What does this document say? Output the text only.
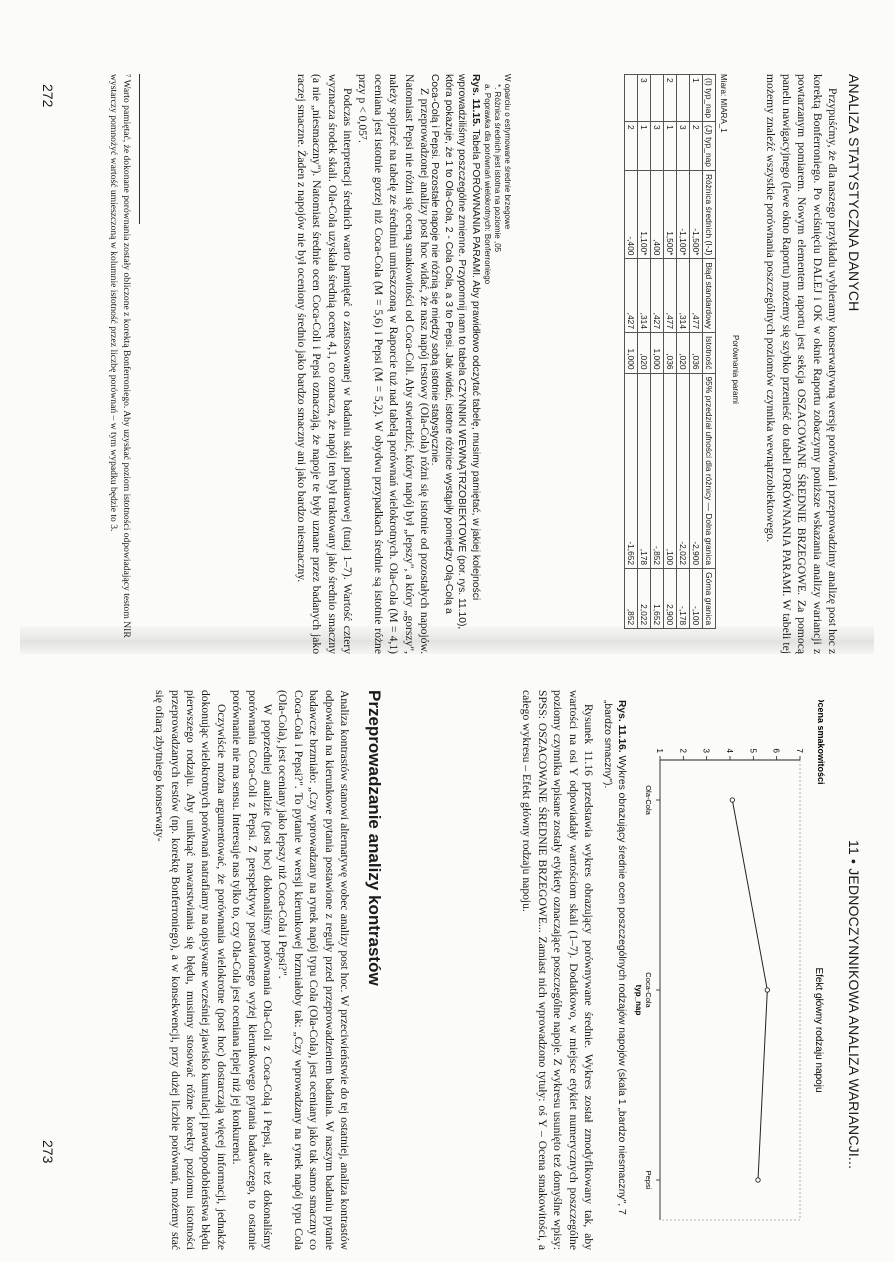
272	ANALIZA STATYSTYCZNA DANYCH

Przypuśćmy, że dla naszego przykładu wybieramy konserwatywną wersję porównań i przeprowadzimy analizę post hoc z korektą Bonferroniego. Po wciśnięciu DALEJ i OK w oknie Raportu zobaczymy poniższe wskazania analizy wariancji z powtarzanym pomiarem. Nowym elementem raportu jest sekcja OSZACOWANE ŚREDNIE BRZEGOWE. Za pomocą panelu nawigacyjnego (lewe okno Raportu) możemy się szybko przenieść do tabeli PORÓWNANIA PARAMI. W tabeli tej możemy znaleźć wszystkie porównania poszczególnych poziomów czynnika wewnątrzobiektowego.

Porównania parami
Miara: MIARA_1
(I) typ_nap	(J) typ_nap	Różnica średnich (I-J)	Błąd standardowy	Istotność	95% przedział ufności dla różnicy — Dolna granica	Górna granica
1	2	-1,500*	,477	,036	-2,900	-,100
	3	-1,100*	,314	,020	-2,022	-,178
2	1	1,500*	,477	,036	,100	2,900
	3	,400	,427	1,000	-,852	1,652
3	1	1,100*	,314	,020	,178	2,022
	2	-,400	,427	1,000	-1,652	,852
W oparciu o estymowane średnie brzegowe
*. Różnica średnich jest istotna na poziomie ,05
a. Poprawka dla porównań wielokrotnych: Bonferroniego
Rys. 11.15. Tabela PORÓWNANIA PARAMI. Aby prawidłowo odczytać tabelę, musimy pamiętać, w jakiej kolejności wprowadziliśmy poszczególne zmienne. Przypomnij nam to tabela CZYNNIKI WEWNĄTRZOBIEKTOWE (por. rys. 11.10), która pokazuje, że 1 to Ola-Cola, 2 - Cola Cola, a 3 to Pepsi. Jak widać, istotne różnice wystąpiły pomiędzy Olą-Colą a Coca-Colą i Pepsi. Pozostałe napoje nie różnią się między sobą istotnie statystycznie.

Z przeprowadzonej analizy post hoc widać, że nasz napój testowy (Ola-Cola) różni się istotnie od pozostałych napojów. Natomiast Pepsi nie różni się oceną smakowitości od Coca-Coli. Aby stwierdzić, który napój był „lepszy", a który „gorszy", należy spojrzeć na tabelę ze średnimi umieszczoną w Raporcie tuż nad tabelą porównań wielokrotnych. Ola-Cola (M = 4,1) oceniana jest istotnie gorzej niż Coca-Cola (M = 5,6) i Pepsi (M = 5,2). W obydwu przypadkach średnie są istotnie różne przy p < 0,05⁷.

Podczas interpretacji średnich warto pamiętać o zastosowanej w badaniu skali pomiarowej (tutaj 1–7). Wartość cztery wyznacza środek skali. Ola-Cola uzyskała średnią ocenę 4,1, co oznacza, że napój ten był traktowany jako średnio smaczny (a nie „niesmaczny"). Natomiast średnie ocen Coca-Coli i Pepsi oznaczają, że napoje te były uznane przez badanych jako raczej smaczne. Żaden z napojów nie był oceniony średnio jako bardzo smaczny ani jako bardzo niesmaczny.

⁷ Warto pamiętać, że dokonane porównania zostały obliczone z korektą Bonferroniego. Aby uzyskać poziom istotności odpowiadający testom NIR wystarczy pomnożyć wartość umieszczoną w kolumnie istotność przez liczbę porównań – w tym wypadku będzie to 3.
273	11 • JEDNOCZYNNIKOWA ANALIZA WARIANCJI...
Efekt główny rodzaju napoju
Ocena smakowitości
typ_nap
1 2 3 4 5 6 7
Ola-Cola
Coca-Cola
Pepsi
Rys. 11.16. Wykres obrazujący średnie ocen poszczególnych rodzajów napojów (skala 1 „bardzo niesmaczny", 7 „bardzo smaczny").

Rysunek 11.16 przedstawia wykres obrazujący porównywane średnie. Wykres został zmodyfikowany tak, aby wartości na osi Y odpowiadały wartościom skali (1–7). Dodatkowo, w miejsce etykiet numerycznych poszczególne poziomy czynnika wpisane zostały etykiety oznaczające poszczególne napoje. Z wykresu usunięto też domyślne wpisy: SPSS: OSZACOWANE ŚREDNIE BRZEGOWE... Zamiast nich wprowadzono tytuły: oś Y – Ocena smakowitości, a całego wykresu – Efekt główny rodzaju napoju.

Przeprowadzanie analizy kontrastów

Analiza kontrastów stanowi alternatywę wobec analizy post hoc. W przeciwieństwie do tej ostatniej, analiza kontrastów odpowiada na kierunkowe pytania postawione z reguły przed przeprowadzeniem badania. W naszym badaniu pytanie badawcze brzmiało: „Czy wprowadzany na rynek napój typu Cola (Ola-Cola), jest oceniany jako tak samo smaczny co Coca-Cola i Pepsi?". To pytanie w wersji kierunkowej brzmiałoby tak: „Czy wprowadzany na rynek napój typu Cola (Ola-Cola), jest oceniany jako lepszy niż Coca-Cola i Pepsi?".

W poprzedniej analizie (post hoc) dokonaliśmy porównania Ola-Coli z Coca-Colą i Pepsi, ale też dokonaliśmy porównania Coca-Coli z Pepsi. Z perspektywy postawionego wyżej kierunkowego pytania badawczego, to ostatnie porównanie nie ma sensu. Interesuje nas tylko to, czy Ola-Cola jest oceniana lepiej niż jej konkurenci.

Oczywiście można argumentować, że porównania wielokrotne (post hoc) dostarczają więcej informacji, jednakże dokonując wielokrotnych porównań natrafiamy na opisywane wcześniej zjawisko kumulacji prawdopodobieństwa błędu pierwszego rodzaju. Aby uniknąć nawarstwiania się błędu, musimy stosować różne korekty poziomu istotności przeprowadzanych testów (np. korektę Bonferroniego), a w konsekwencji, przy dużej liczbie porównań, możemy stać się ofiarą zbytniego konserwaty-
